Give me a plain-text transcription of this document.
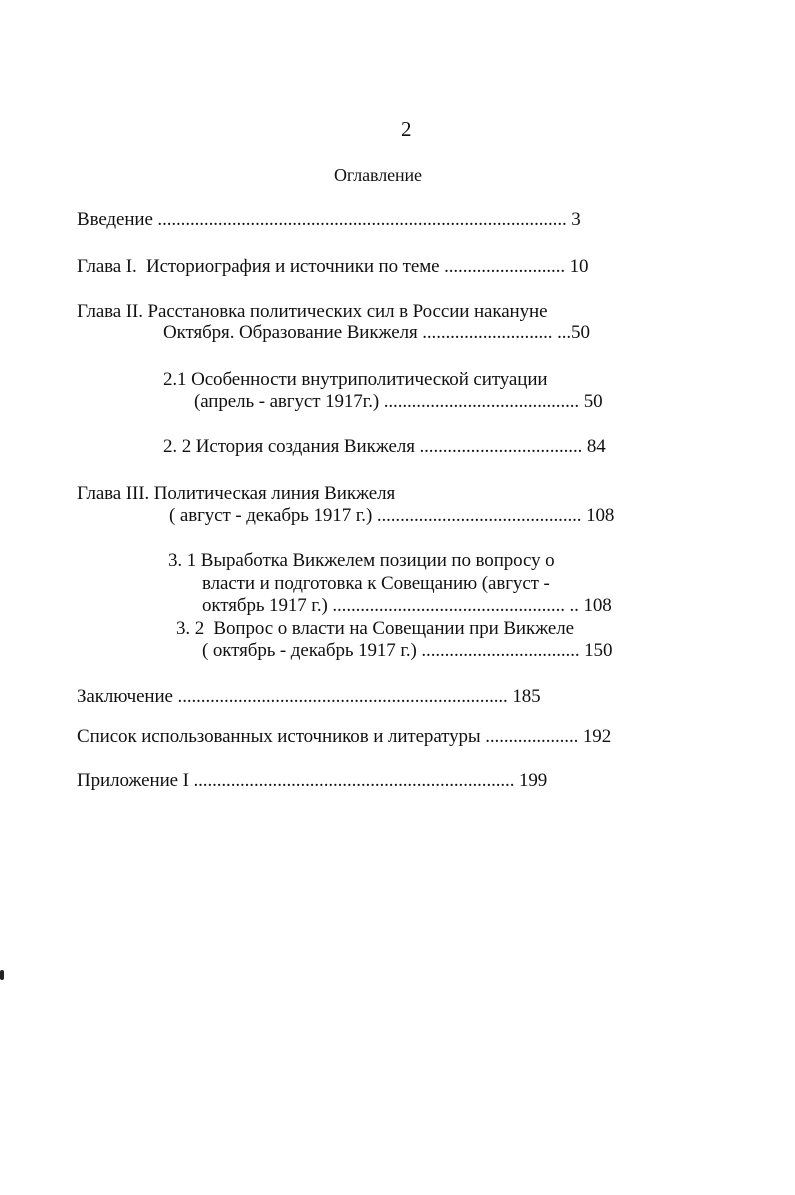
2
Оглавление
Введение ........................................................................................ 3
Глава I.  Историография и источники по теме .......................... 10
Глава II. Расстановка политических сил в России накануне
Октября. Образование Викжеля ............................ ...50
2.1 Особенности внутриполитической ситуации
(апрель - август 1917г.) .......................................... 50
2. 2 История создания Викжеля ................................... 84
Глава III. Политическая линия Викжеля
( август - декабрь 1917 г.) ............................................ 108
3. 1 Выработка Викжелем позиции по вопросу о
власти и подготовка к Совещанию (август -
октябрь 1917 г.) .................................................. .. 108
3. 2  Вопрос о власти на Совещании при Викжеле
( октябрь - декабрь 1917 г.) .................................. 150
Заключение ....................................................................... 185
Список использованных источников и литературы .................... 192
Приложение I ..................................................................... 199
